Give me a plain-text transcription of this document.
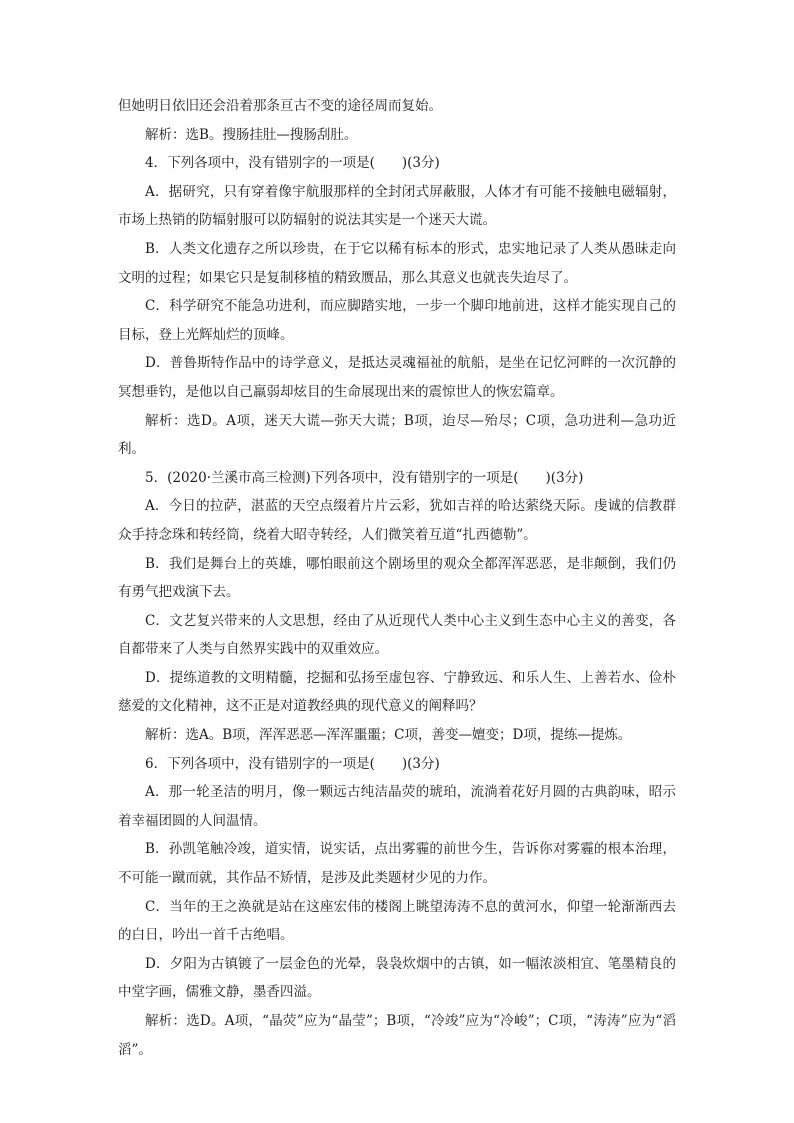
但她明日依旧还会沿着那条亘古不变的途径周而复始。

解析：选B。搜肠挂肚—搜肠刮肚。

4．下列各项中，没有错别字的一项是(　　)(3分)

A．据研究，只有穿着像宇航服那样的全封闭式屏蔽服，人体才有可能不接触电磁辐射，市场上热销的防辐射服可以防辐射的说法其实是一个迷天大谎。

B．人类文化遗存之所以珍贵，在于它以稀有标本的形式，忠实地记录了人类从愚昧走向文明的过程；如果它只是复制移植的精致赝品，那么其意义也就丧失迨尽了。

C．科学研究不能急功进利，而应脚踏实地，一步一个脚印地前进，这样才能实现自己的目标，登上光辉灿烂的顶峰。

D．普鲁斯特作品中的诗学意义，是抵达灵魂福祉的航船，是坐在记忆河畔的一次沉静的冥想垂钓，是他以自己羸弱却炫目的生命展现出来的震惊世人的恢宏篇章。

解析：选D。A项，迷天大谎—弥天大谎；B项，迨尽—殆尽；C项，急功进利—急功近利。

5．(2020·兰溪市高三检测)下列各项中，没有错别字的一项是(　　)(3分)

A．今日的拉萨，湛蓝的天空点缀着片片云彩，犹如吉祥的哈达萦绕天际。虔诚的信教群众手持念珠和转经筒，绕着大昭寺转经，人们微笑着互道“扎西德勒”。

B．我们是舞台上的英雄，哪怕眼前这个剧场里的观众全都浑浑恶恶，是非颠倒，我们仍有勇气把戏演下去。

C．文艺复兴带来的人文思想，经由了从近现代人类中心主义到生态中心主义的善变，各自都带来了人类与自然界实践中的双重效应。

D．提练道教的文明精髓，挖掘和弘扬至虚包容、宁静致远、和乐人生、上善若水、俭朴慈爱的文化精神，这不正是对道教经典的现代意义的阐释吗？

解析：选A。B项，浑浑恶恶—浑浑噩噩；C项，善变—嬗变；D项，提练—提炼。

6．下列各项中，没有错别字的一项是(　　)(3分)

A．那一轮圣洁的明月，像一颗远古纯洁晶荧的琥珀，流淌着花好月圆的古典韵味，昭示着幸福团圆的人间温情。

B．孙凯笔触冷竣，道实情，说实话，点出雾霾的前世今生，告诉你对雾霾的根本治理，不可能一蹴而就，其作品不矫情，是涉及此类题材少见的力作。

C．当年的王之涣就是站在这座宏伟的楼阁上眺望涛涛不息的黄河水，仰望一轮渐渐西去的白日，吟出一首千古绝唱。

D．夕阳为古镇镀了一层金色的光晕，袅袅炊烟中的古镇，如一幅浓淡相宜、笔墨精良的中堂字画，儒雅文静，墨香四溢。

解析：选D。A项，“晶荧”应为“晶莹”；B项，“冷竣”应为“冷峻”；C项，“涛涛”应为“滔滔”。
